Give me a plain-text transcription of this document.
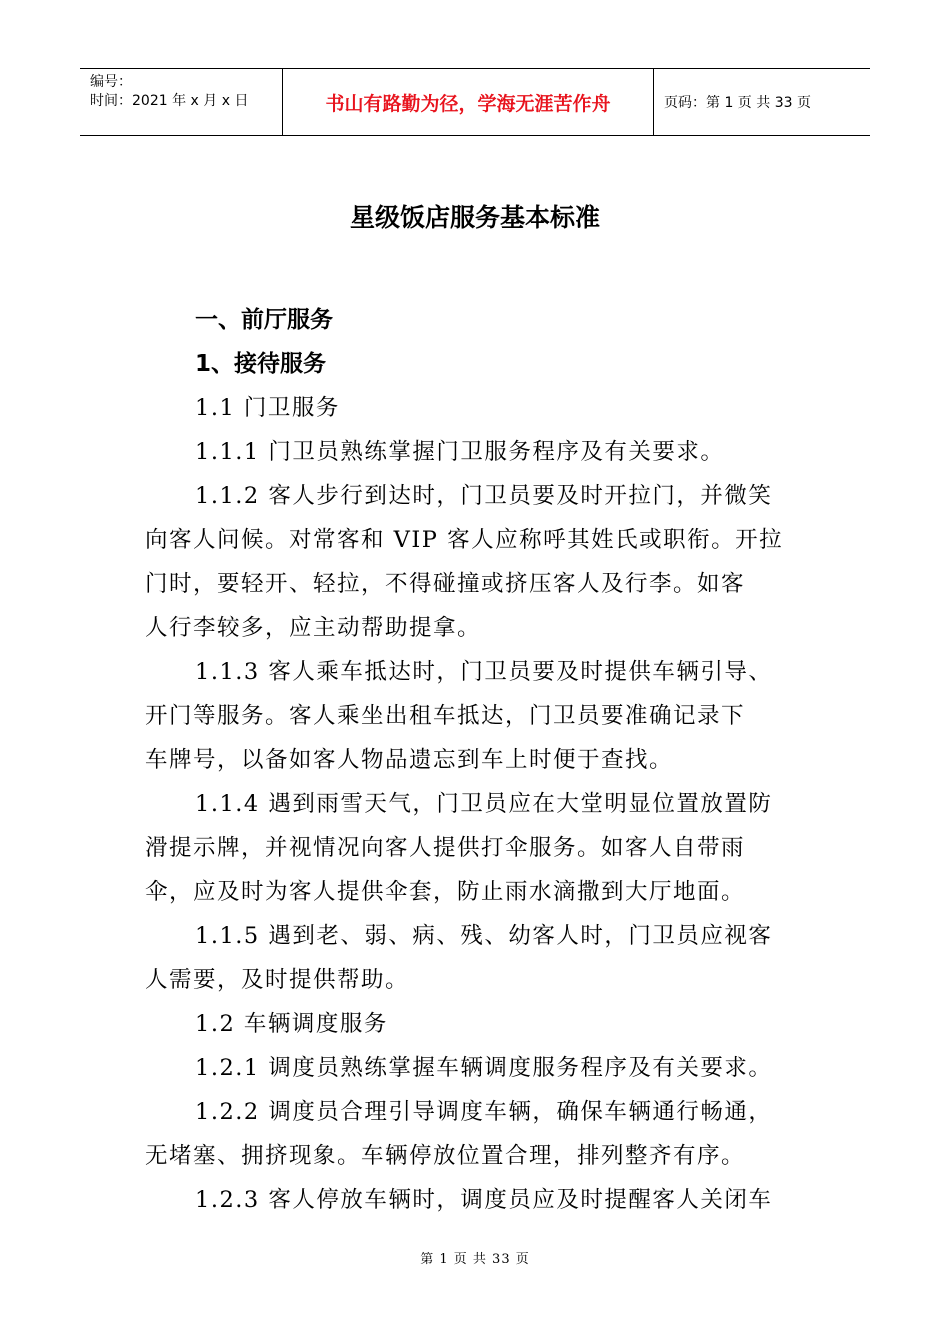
编号：
时间：2021 年 x 月 x 日	书山有路勤为径，学海无涯苦作舟	页码：第 1 页 共 33 页
星级饭店服务基本标准
一、前厅服务
1、接待服务
1.1 门卫服务
1.1.1 门卫员熟练掌握门卫服务程序及有关要求。
1.1.2 客人步行到达时，门卫员要及时开拉门，并微笑
向客人问候。对常客和 VIP 客人应称呼其姓氏或职衔。开拉
门时，要轻开、轻拉，不得碰撞或挤压客人及行李。如客
人行李较多，应主动帮助提拿。
1.1.3 客人乘车抵达时，门卫员要及时提供车辆引导、
开门等服务。客人乘坐出租车抵达，门卫员要准确记录下
车牌号，以备如客人物品遗忘到车上时便于查找。
1.1.4 遇到雨雪天气，门卫员应在大堂明显位置放置防
滑提示牌，并视情况向客人提供打伞服务。如客人自带雨
伞，应及时为客人提供伞套，防止雨水滴撒到大厅地面。
1.1.5 遇到老、弱、病、残、幼客人时，门卫员应视客
人需要，及时提供帮助。
1.2 车辆调度服务
1.2.1 调度员熟练掌握车辆调度服务程序及有关要求。
1.2.2 调度员合理引导调度车辆，确保车辆通行畅通，
无堵塞、拥挤现象。车辆停放位置合理，排列整齐有序。
1.2.3 客人停放车辆时，调度员应及时提醒客人关闭车
第 1 页 共 33 页
